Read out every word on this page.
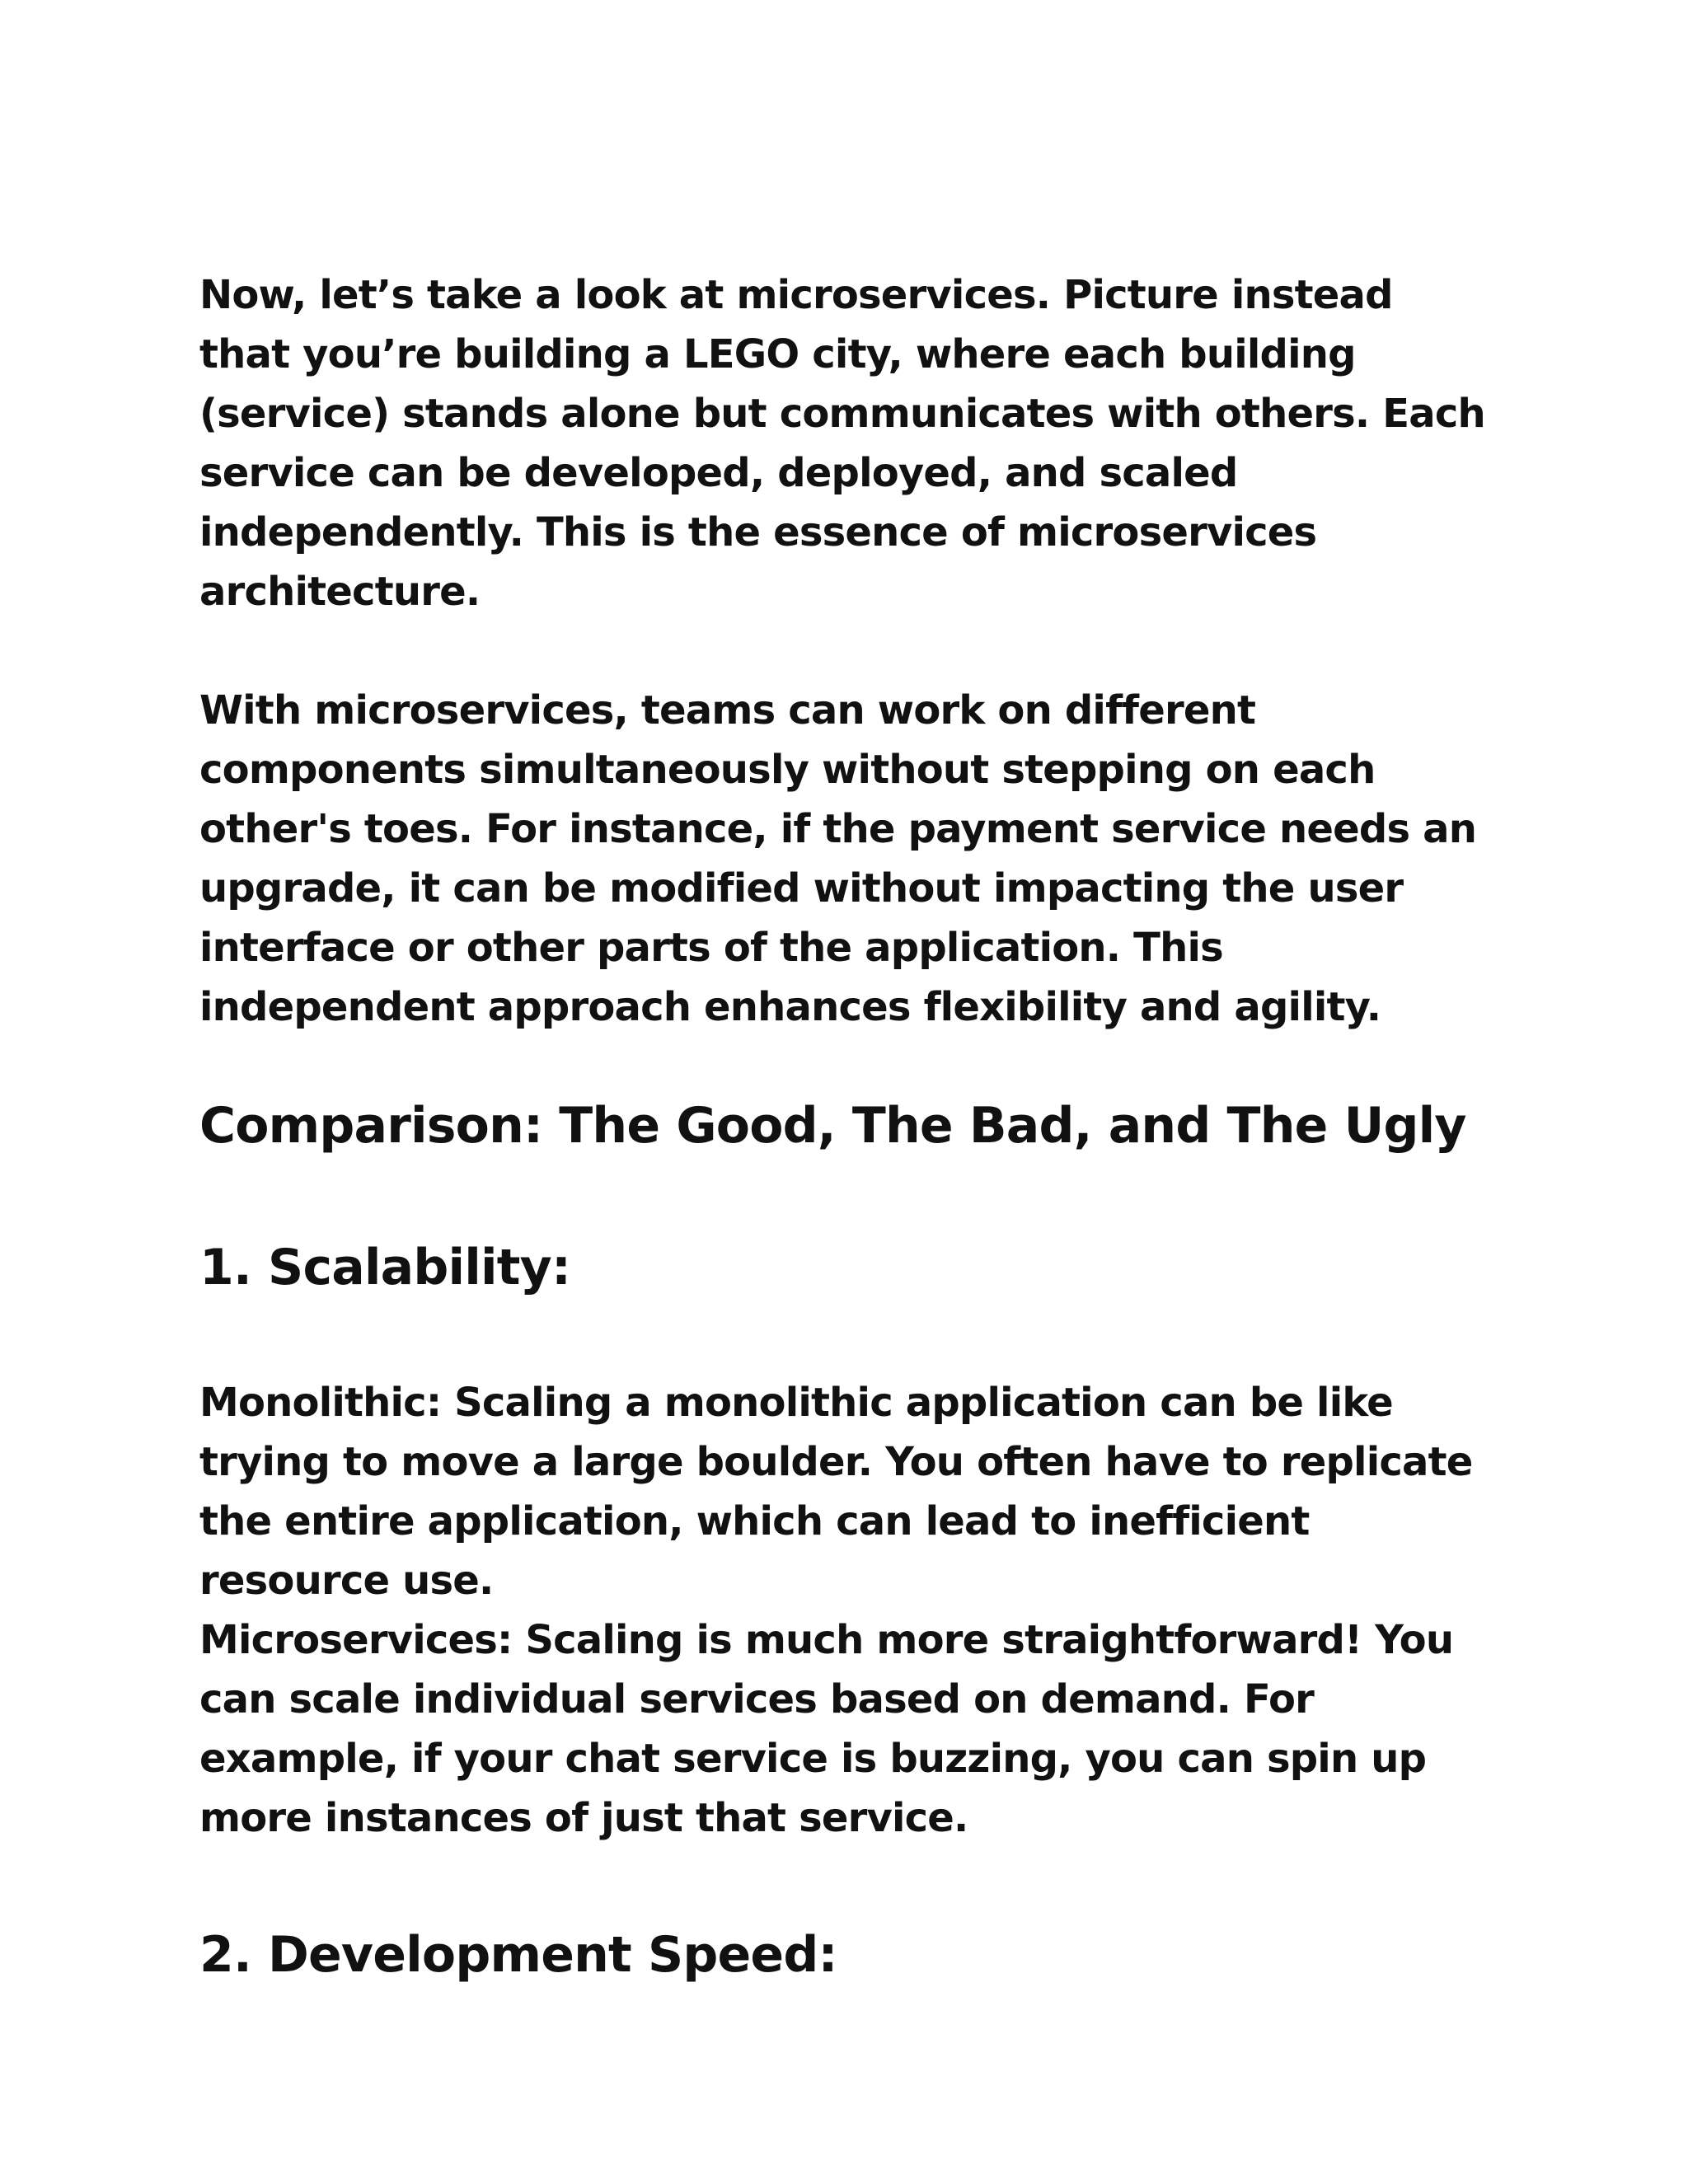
Now, let’s take a look at microservices. Picture instead that you’re building a LEGO city, where each building (service) stands alone but communicates with others. Each service can be developed, deployed, and scaled independently. This is the essence of microservices architecture.

With microservices, teams can work on different components simultaneously without stepping on each other's toes. For instance, if the payment service needs an upgrade, it can be modified without impacting the user interface or other parts of the application. This independent approach enhances flexibility and agility.

Comparison: The Good, The Bad, and The Ugly
1. Scalability:

Monolithic: Scaling a monolithic application can be like trying to move a large boulder. You often have to replicate the entire application, which can lead to inefficient resource use.

Microservices: Scaling is much more straightforward! You can scale individual services based on demand. For example, if your chat service is buzzing, you can spin up more instances of just that service.

2. Development Speed:
